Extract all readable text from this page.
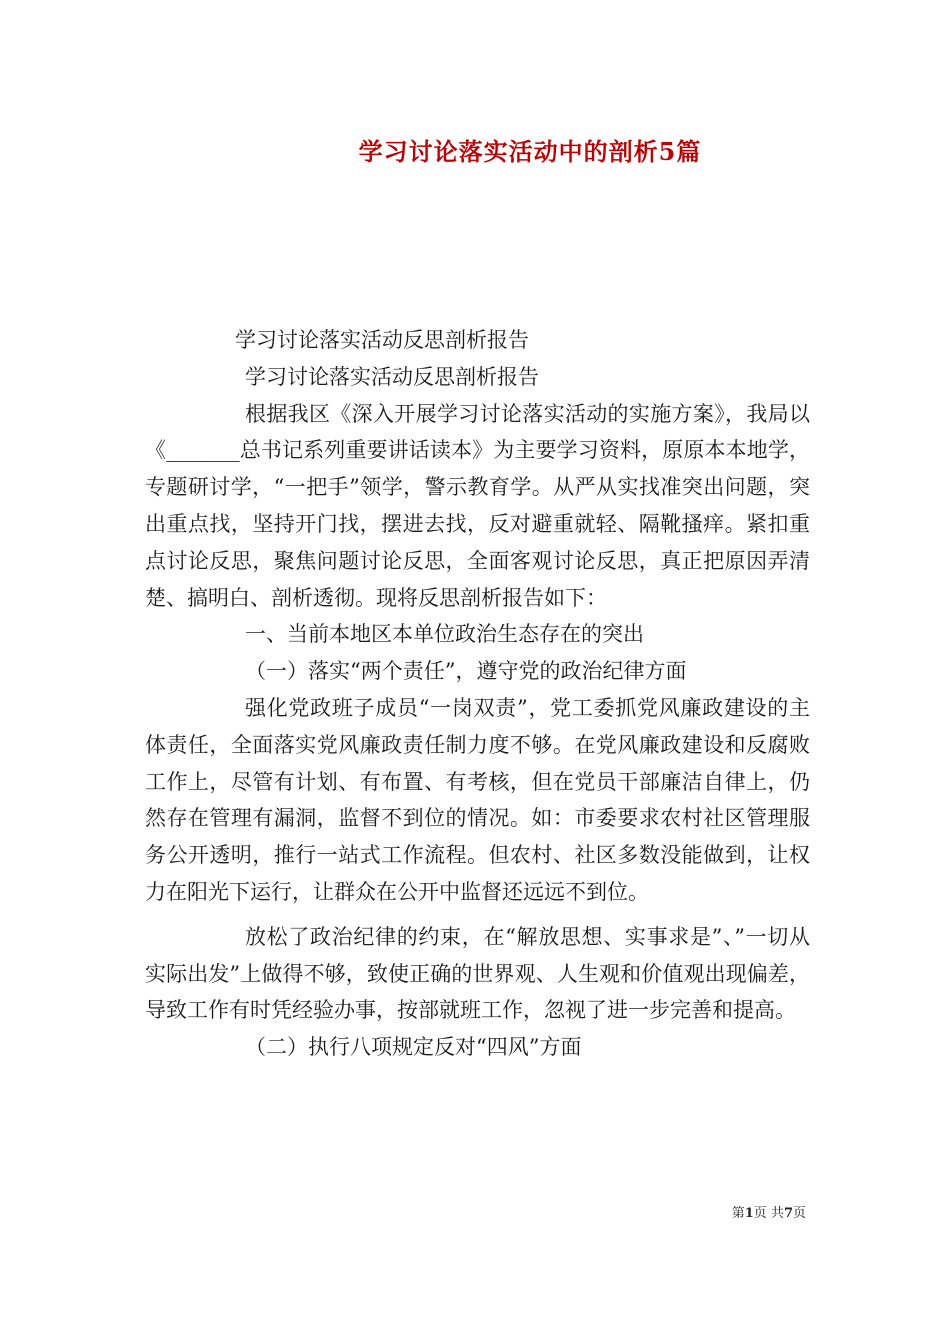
学习讨论落实活动中的剖析5篇

学习讨论落实活动反思剖析报告

学习讨论落实活动反思剖析报告

根据我区《深入开展学习讨论落实活动的实施方案》，我局以《_______总书记系列重要讲话读本》为主要学习资料，原原本本地学，专题研讨学，“一把手”领学，警示教育学。从严从实找准突出问题，突出重点找，坚持开门找，摆进去找，反对避重就轻、隔靴搔痒。紧扣重点讨论反思，聚焦问题讨论反思，全面客观讨论反思，真正把原因弄清楚、搞明白、剖析透彻。现将反思剖析报告如下：

一、当前本地区本单位政治生态存在的突出

（一）落实“两个责任”，遵守党的政治纪律方面

强化党政班子成员“一岗双责”，党工委抓党风廉政建设的主体责任，全面落实党风廉政责任制力度不够。在党风廉政建设和反腐败工作上，尽管有计划、有布置、有考核，但在党员干部廉洁自律上，仍然存在管理有漏洞，监督不到位的情况。如：市委要求农村社区管理服务公开透明，推行一站式工作流程。但农村、社区多数没能做到，让权力在阳光下运行，让群众在公开中监督还远远不到位。

放松了政治纪律的约束，在“解放思想、实事求是”、”一切从实际出发”上做得不够，致使正确的世界观、人生观和价值观出现偏差，导致工作有时凭经验办事，按部就班工作，忽视了进一步完善和提高。

（二）执行八项规定反对“四风”方面

第1页 共7页
